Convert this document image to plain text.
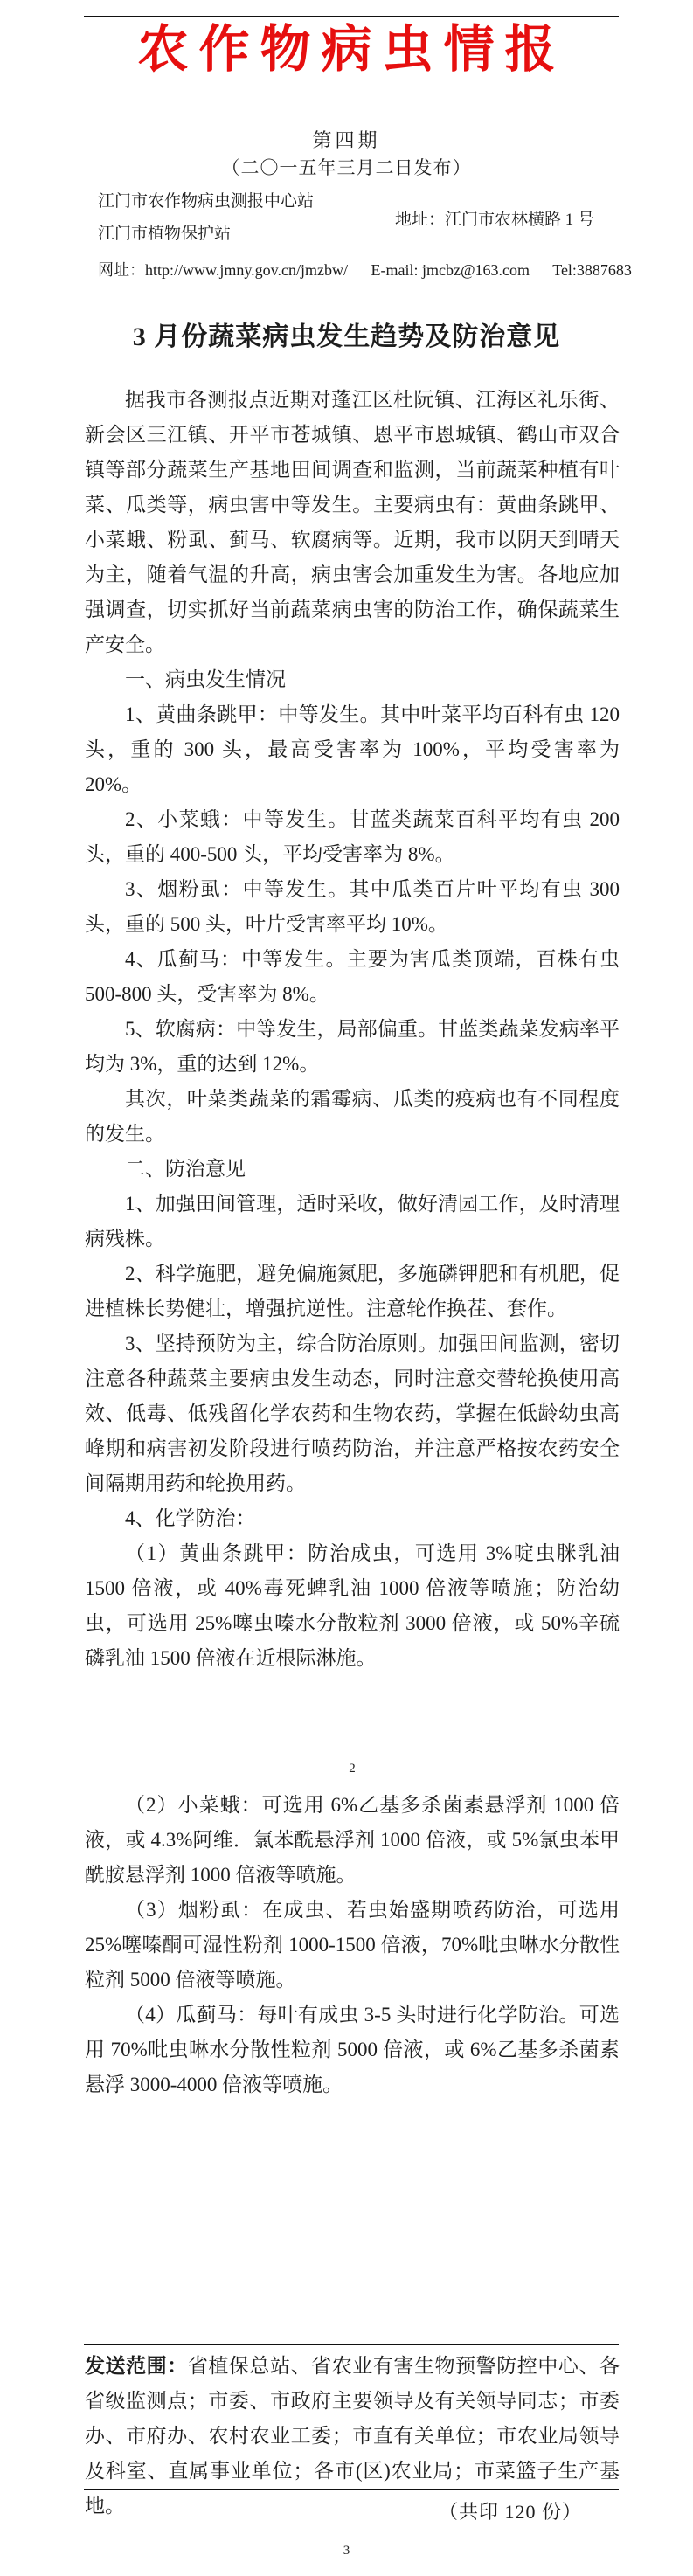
农作物病虫情报
第四期
（二〇一五年三月二日发布）
江门市农作物病虫测报中心站
江门市植物保护站
地址：江门市农林横路 1 号
网址：http://www.jmny.gov.cn/jmzbw/ E-mail: jmcbz@163.com Tel:3887683
3 月份蔬菜病虫发生趋势及防治意见

据我市各测报点近期对蓬江区杜阮镇、江海区礼乐街、新会区三江镇、开平市苍城镇、恩平市恩城镇、鹤山市双合镇等部分蔬菜生产基地田间调查和监测，当前蔬菜种植有叶菜、瓜类等，病虫害中等发生。主要病虫有：黄曲条跳甲、小菜蛾、粉虱、蓟马、软腐病等。近期，我市以阴天到晴天为主，随着气温的升高，病虫害会加重发生为害。各地应加强调查，切实抓好当前蔬菜病虫害的防治工作，确保蔬菜生产安全。

一、病虫发生情况

1、黄曲条跳甲：中等发生。其中叶菜平均百科有虫 120 头，重的 300 头，最高受害率为 100%，平均受害率为 20%。

2、小菜蛾：中等发生。甘蓝类蔬菜百科平均有虫 200 头，重的 400-500 头，平均受害率为 8%。

3、烟粉虱：中等发生。其中瓜类百片叶平均有虫 300 头，重的 500 头，叶片受害率平均 10%。

4、瓜蓟马：中等发生。主要为害瓜类顶端，百株有虫 500-800 头，受害率为 8%。

5、软腐病：中等发生，局部偏重。甘蓝类蔬菜发病率平均为 3%，重的达到 12%。

其次，叶菜类蔬菜的霜霉病、瓜类的疫病也有不同程度的发生。

二、防治意见

1、加强田间管理，适时采收，做好清园工作，及时清理病残株。

2、科学施肥，避免偏施氮肥，多施磷钾肥和有机肥，促进植株长势健壮，增强抗逆性。注意轮作换茬、套作。

3、坚持预防为主，综合防治原则。加强田间监测，密切注意各种蔬菜主要病虫发生动态，同时注意交替轮换使用高效、低毒、低残留化学农药和生物农药，掌握在低龄幼虫高峰期和病害初发阶段进行喷药防治，并注意严格按农药安全间隔期用药和轮换用药。

4、化学防治：

（1）黄曲条跳甲：防治成虫，可选用 3%啶虫脒乳油 1500 倍液，或 40%毒死蜱乳油 1000 倍液等喷施；防治幼虫，可选用 25%噻虫嗪水分散粒剂 3000 倍液，或 50%辛硫磷乳油 1500 倍液在近根际淋施。

2

（2）小菜蛾：可选用 6%乙基多杀菌素悬浮剂 1000 倍液，或 4.3%阿维．氯苯酰悬浮剂 1000 倍液，或 5%氯虫苯甲酰胺悬浮剂 1000 倍液等喷施。

（3）烟粉虱：在成虫、若虫始盛期喷药防治，可选用 25%噻嗪酮可湿性粉剂 1000-1500 倍液，70%吡虫啉水分散性粒剂 5000 倍液等喷施。

（4）瓜蓟马：每叶有成虫 3-5 头时进行化学防治。可选用 70%吡虫啉水分散性粒剂 5000 倍液，或 6%乙基多杀菌素悬浮 3000-4000 倍液等喷施。

发送范围：省植保总站、省农业有害生物预警防控中心、各省级监测点；市委、市政府主要领导及有关领导同志；市委办、市府办、农村农业工委；市直有关单位；市农业局领导及科室、直属事业单位；各市(区)农业局；市菜篮子生产基地。	（共印 120 份）
3
